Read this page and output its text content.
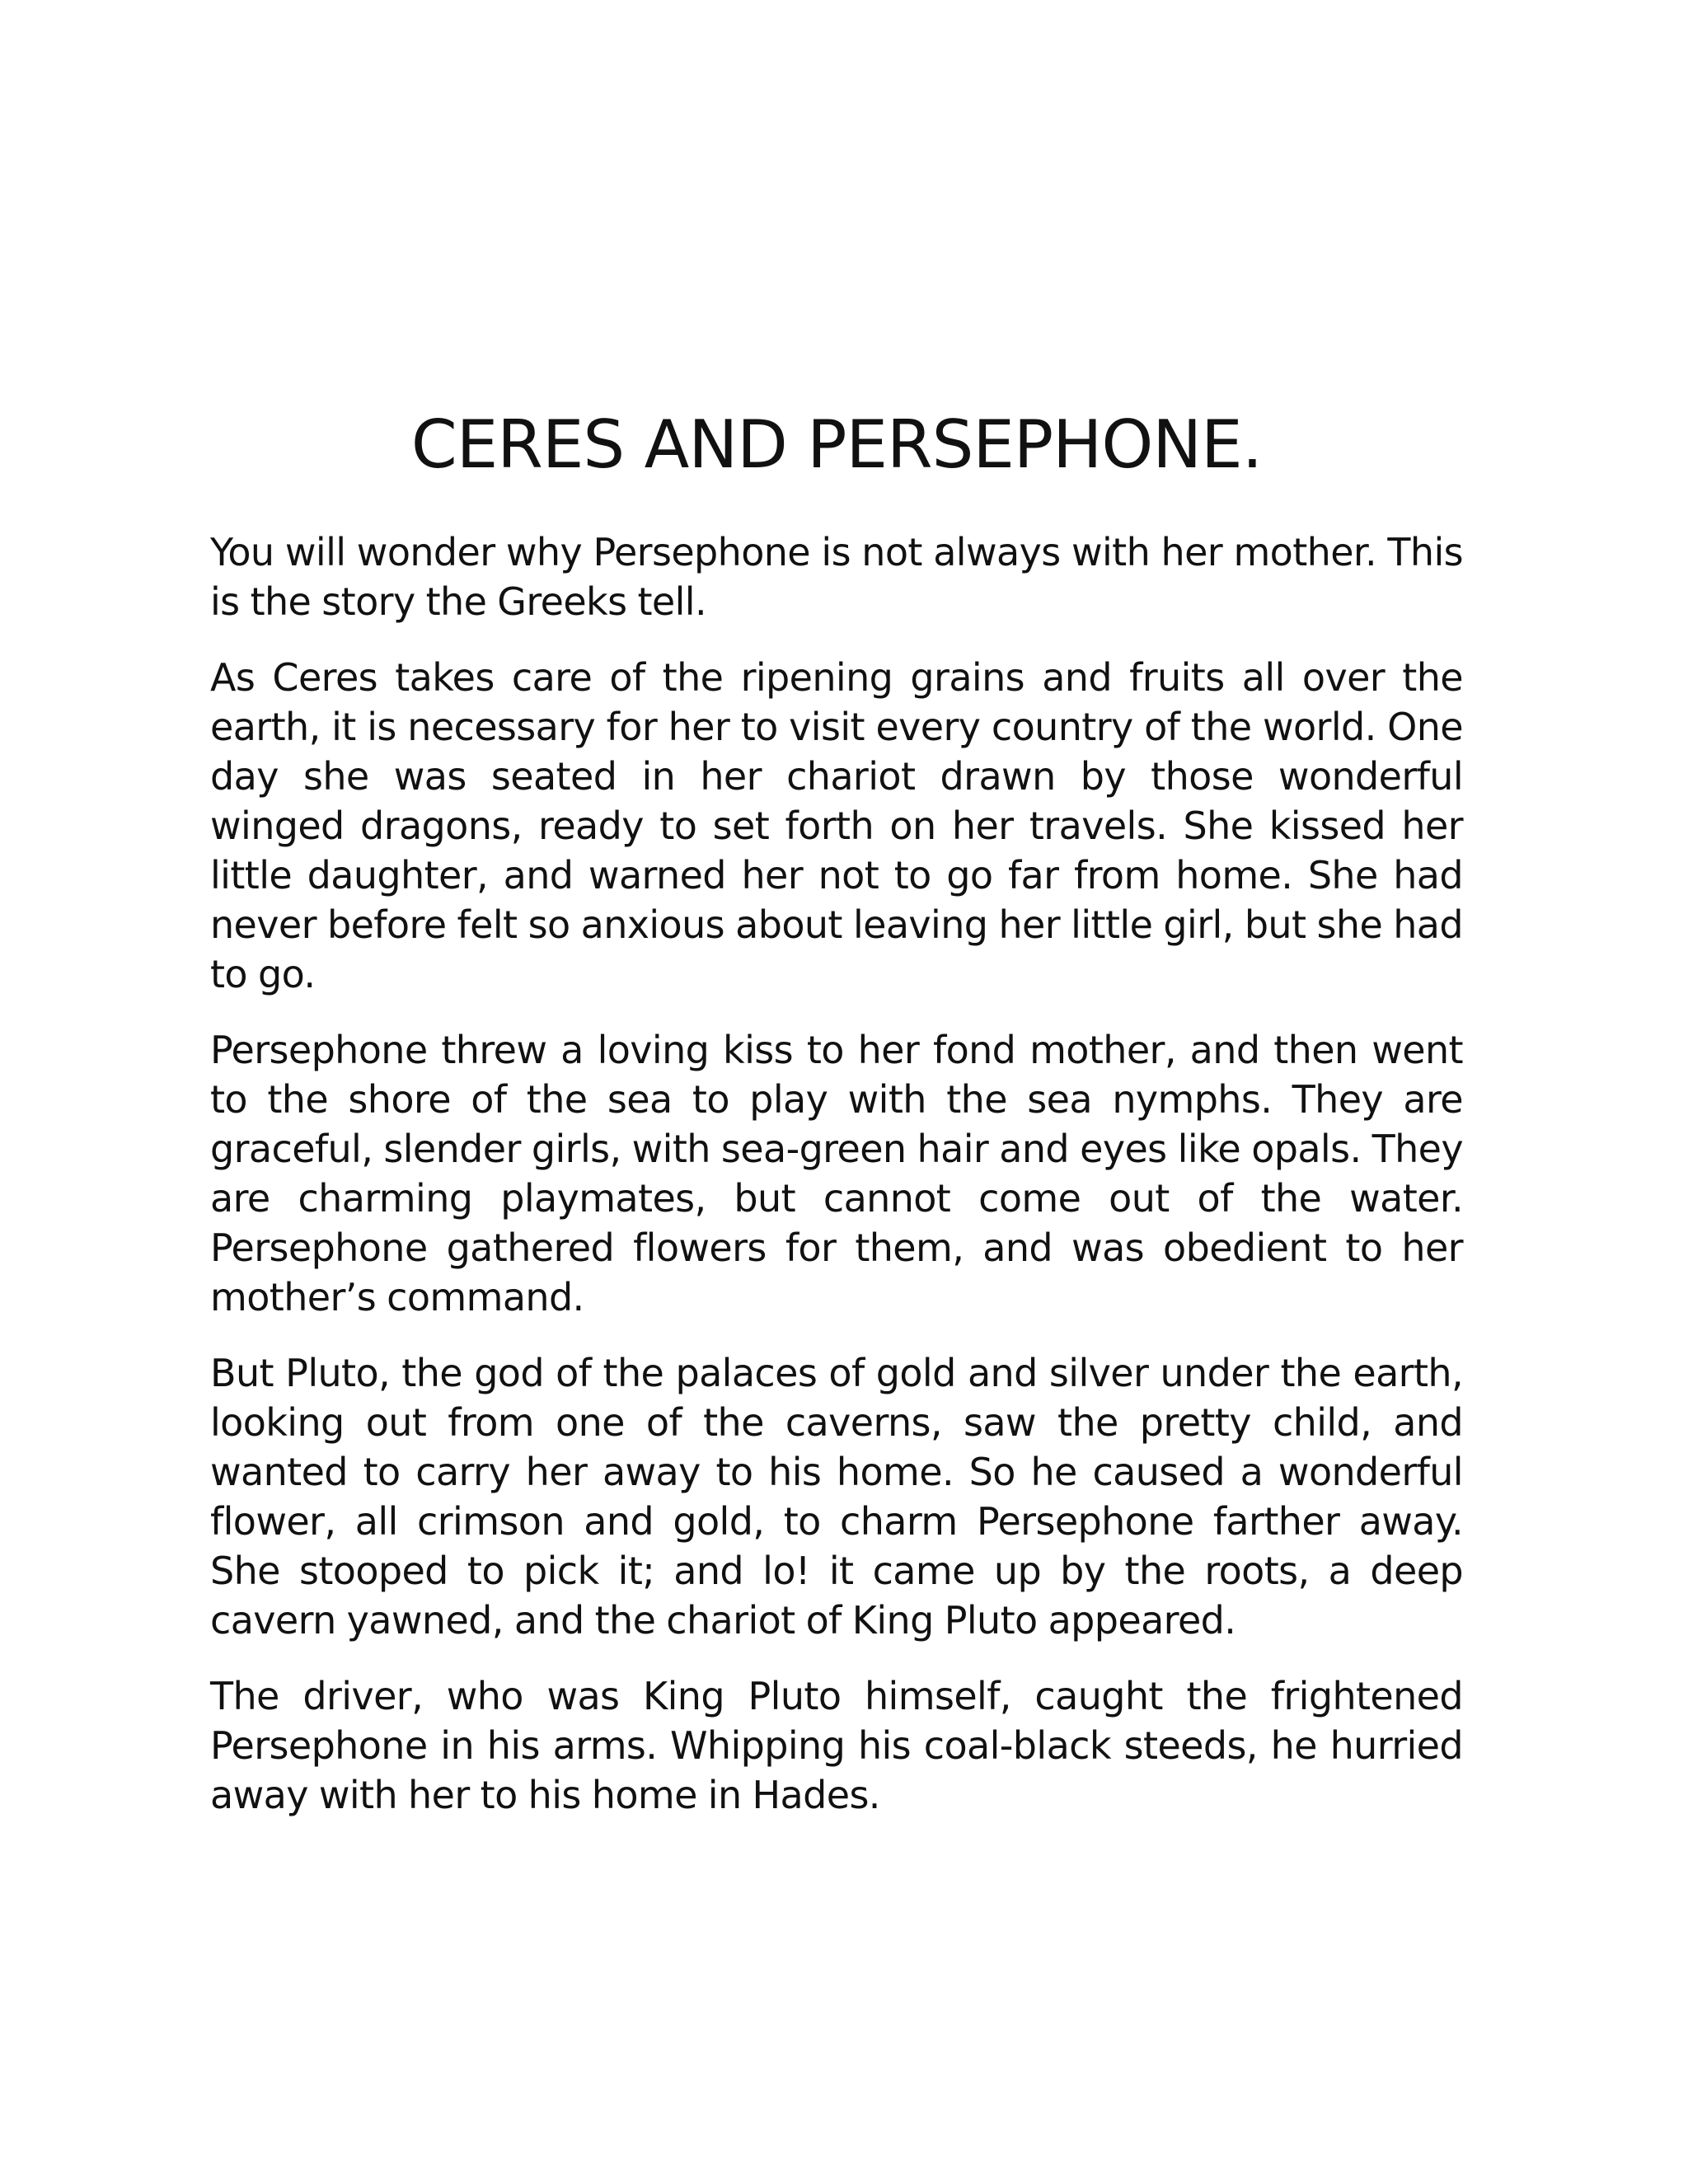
CERES AND PERSEPHONE.

You will wonder why Persephone is not always with her mother. This is the story the Greeks tell.

As Ceres takes care of the ripening grains and fruits all over the earth, it is necessary for her to visit every country of the world. One day she was seated in her chariot drawn by those wonderful winged dragons, ready to set forth on her travels. She kissed her little daughter, and warned her not to go far from home. She had never before felt so anxious about leaving her little girl, but she had to go.

Persephone threw a loving kiss to her fond mother, and then went to the shore of the sea to play with the sea nymphs. They are graceful, slender girls, with sea-green hair and eyes like opals. They are charming playmates, but cannot come out of the water. Persephone gathered flowers for them, and was obedient to her mother’s command.

But Pluto, the god of the palaces of gold and silver under the earth, looking out from one of the caverns, saw the pretty child, and wanted to carry her away to his home. So he caused a wonderful flower, all crimson and gold, to charm Persephone farther away. She stooped to pick it; and lo! it came up by the roots, a deep cavern yawned, and the chariot of King Pluto appeared.

The driver, who was King Pluto himself, caught the frightened Persephone in his arms. Whipping his coal-black steeds, he hurried away with her to his home in Hades.
